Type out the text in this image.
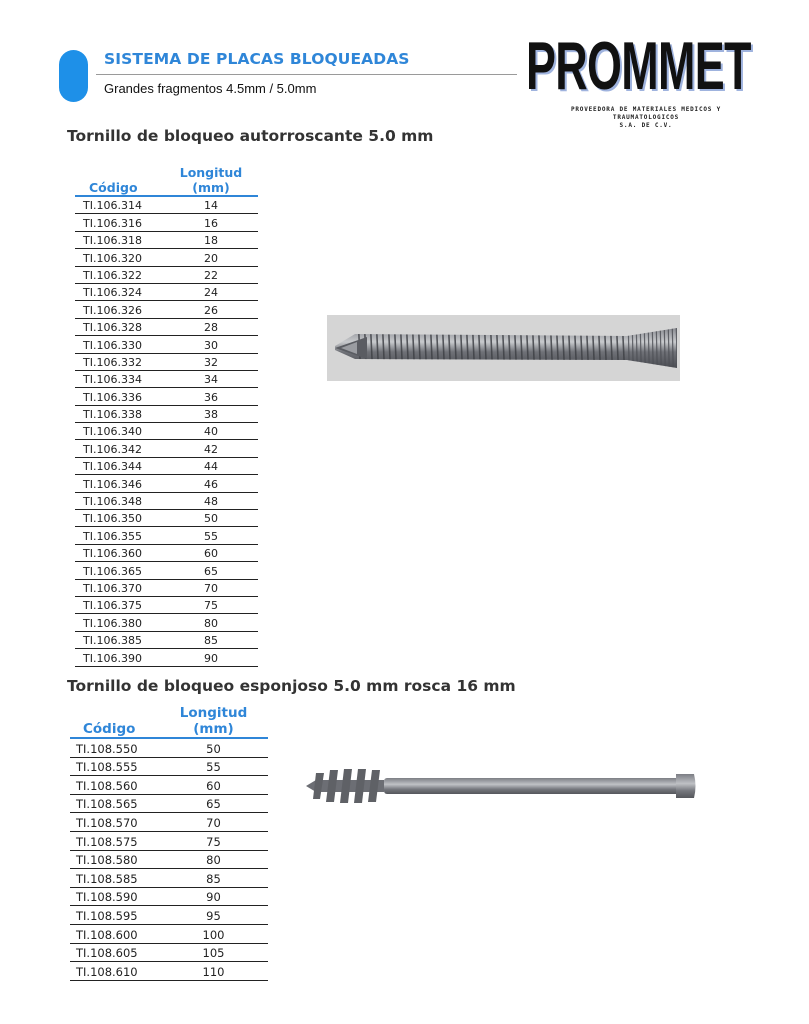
SISTEMA DE PLACAS BLOQUEADAS
Grandes fragmentos 4.5mm / 5.0mm	PROMMET
PROVEEDORA DE MATERIALES MEDICOS Y TRAUMATOLOGICOS
S.A. DE C.V.
Tornillo de bloqueo autorroscante 5.0 mm
Código	Longitud (mm)
TI.106.314	14
TI.106.316	16
TI.106.318	18
TI.106.320	20
TI.106.322	22
TI.106.324	24
TI.106.326	26
TI.106.328	28
TI.106.330	30
TI.106.332	32
TI.106.334	34
TI.106.336	36
TI.106.338	38
TI.106.340	40
TI.106.342	42
TI.106.344	44
TI.106.346	46
TI.106.348	48
TI.106.350	50
TI.106.355	55
TI.106.360	60
TI.106.365	65
TI.106.370	70
TI.106.375	75
TI.106.380	80
TI.106.385	85
TI.106.390	90
Tornillo de bloqueo esponjoso 5.0 mm rosca 16 mm
Código	Longitud (mm)
TI.108.550	50
TI.108.555	55
TI.108.560	60
TI.108.565	65
TI.108.570	70
TI.108.575	75
TI.108.580	80
TI.108.585	85
TI.108.590	90
TI.108.595	95
TI.108.600	100
TI.108.605	105
TI.108.610	110
